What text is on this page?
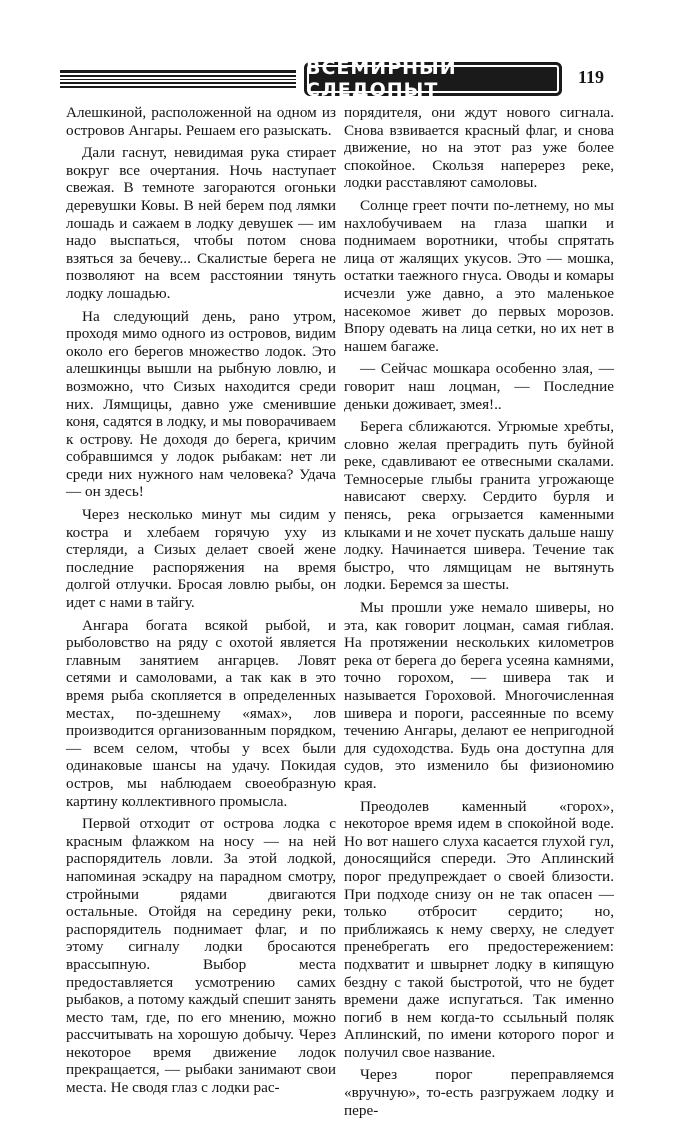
ВСЕМИРНЫЙ СЛЕДОПЫТ
119

Алешкиной, расположенной на одном из островов Ангары. Решаем его разыскать.

Дали гаснут, невидимая рука стирает вокруг все очертания. Ночь наступает свежая. В темноте загораются огоньки деревушки Ковы. В ней берем под лямки лошадь и сажаем в лодку девушек — им надо выспаться, чтобы потом снова взяться за бечеву... Скалистые берега не позволяют на всем расстоянии тянуть лодку лошадью.

На следующий день, рано утром, проходя мимо одного из островов, видим около его берегов множество лодок. Это алешкинцы вышли на рыбную ловлю, и возможно, что Сизых находится среди них. Лямщицы, давно уже сменившие коня, садятся в лодку, и мы поворачиваем к острову. Не доходя до берега, кричим собравшимся у лодок рыбакам: нет ли среди них нужного нам человека? Удача — он здесь!

Через несколько минут мы сидим у костра и хлебаем горячую уху из стерляди, а Сизых делает своей жене последние распоряжения на время долгой отлучки. Бросая ловлю рыбы, он идет с нами в тайгу.

Ангара богата всякой рыбой, и рыболовство на ряду с охотой является главным занятием ангарцев. Ловят сетями и самоловами, а так как в это время рыба скопляется в определенных местах, по-здешнему «ямах», лов производится организованным порядком, — всем селом, чтобы у всех были одинаковые шансы на удачу. Покидая остров, мы наблюдаем своеобразную картину коллективного промысла.

Первой отходит от острова лодка с красным флажком на носу — на ней распорядитель ловли. За этой лодкой, напоминая эскадру на парадном смотру, стройными рядами двигаются остальные. Отойдя на середину реки, распорядитель поднимает флаг, и по этому сигналу лодки бросаются врассыпную. Выбор места предоставляется усмотрению самих рыбаков, а потому каждый спешит занять место там, где, по его мнению, можно рассчитывать на хорошую добычу. Через некоторое время движение лодок прекращается, — рыбаки занимают свои места. Не сводя глаз с лодки рас-

порядителя, они ждут нового сигнала. Снова взвивается красный флаг, и снова движение, но на этот раз уже более спокойное. Скользя наперерез реке, лодки расставляют самоловы.

Солнце греет почти по-летнему, но мы нахлобучиваем на глаза шапки и поднимаем воротники, чтобы спрятать лица от жалящих укусов. Это — мошка, остатки таежного гнуса. Оводы и комары исчезли уже давно, а это маленькое насекомое живет до первых морозов. Впору одевать на лица сетки, но их нет в нашем багаже.

— Сейчас мошкара особенно злая, — говорит наш лоцман, — Последние деньки доживает, змея!..

Берега сближаются. Угрюмые хребты, словно желая преградить путь буйной реке, сдавливают ее отвесными скалами. Темносерые глыбы гранита угрожающе нависают сверху. Сердито бурля и пенясь, река огрызается каменными клыками и не хочет пускать дальше нашу лодку. Начинается шивера. Течение так быстро, что лямщицам не вытянуть лодки. Беремся за шесты.

Мы прошли уже немало шиверы, но эта, как говорит лоцман, самая гиблая. На протяжении нескольких километров река от берега до берега усеяна камнями, точно горохом, — шивера так и называется Гороховой. Многочисленная шивера и пороги, рассеянные по всему течению Ангары, делают ее непригодной для судоходства. Будь она доступна для судов, это изменило бы физиономию края.

Преодолев каменный «горох», некоторое время идем в спокойной воде. Но вот нашего слуха касается глухой гул, доносящийся спереди. Это Аплинский порог предупреждает о своей близости. При подходе снизу он не так опасен — только отбросит сердито; но, приближаясь к нему сверху, не следует пренебрегать его предостережением: подхватит и швырнет лодку в кипящую бездну с такой быстротой, что не будет времени даже испугаться. Так именно погиб в нем когда-то ссыльный поляк Аплинский, по имени которого порог и получил свое название.

Через порог переправляемся «вручную», то-есть разгружаем лодку и пере-
